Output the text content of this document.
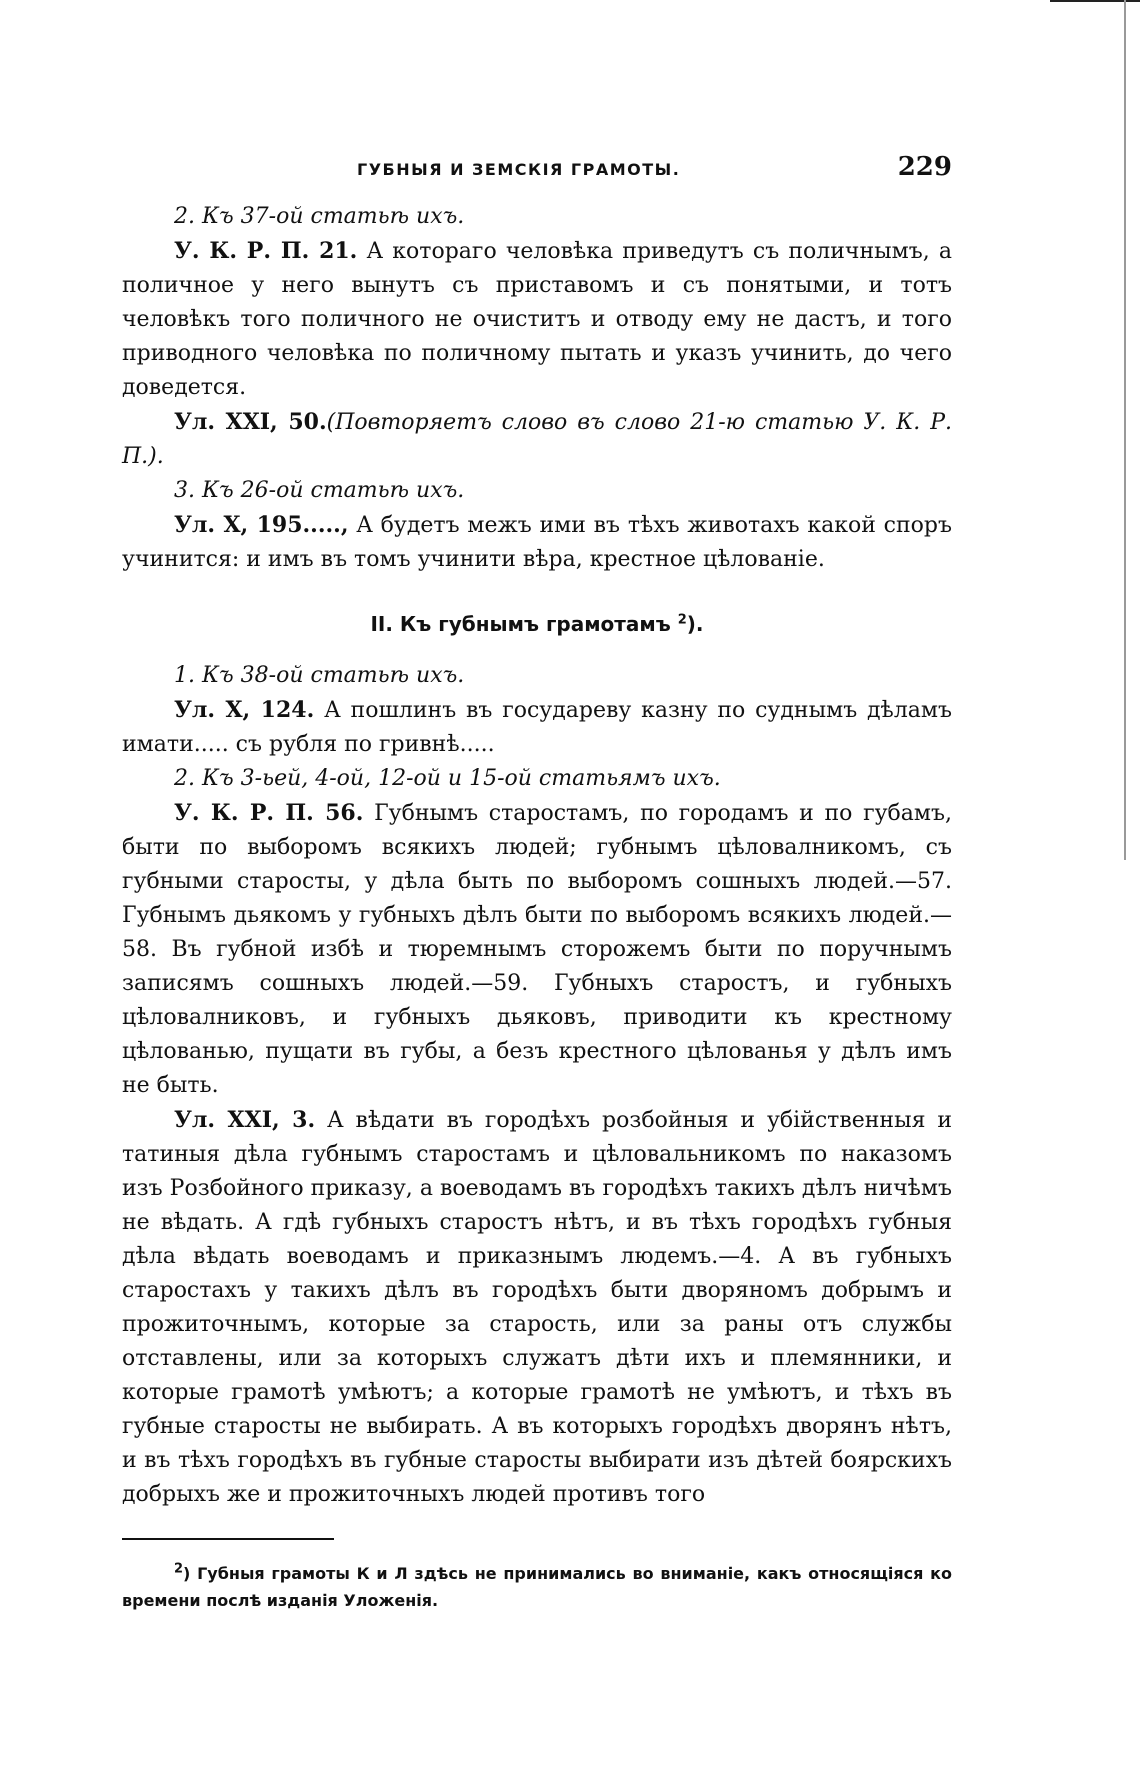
ГУБНЫЯ И ЗЕМСКІЯ ГРАМОТЫ.	229

2. Къ 37-ой статьѣ ихъ.

У. К. Р. П. 21. А котораго человѣка приведутъ съ поличнымъ, а поличное у него вынутъ съ приставомъ и съ понятыми, и тотъ человѣкъ того поличного не очиститъ и отводу ему не дастъ, и того приводного человѣка по поличному пытать и указъ учинить, до чего доведется.

Ул. XXI, 50.(Повторяетъ слово въ слово 21-ю статью У. К. Р. П.).

3. Къ 26-ой статьѣ ихъ.

Ул. Х, 195....., А будетъ межъ ими въ тѣхъ животахъ какой споръ учинится: и имъ въ томъ учинити вѣра, крестное цѣлованіе.

II. Къ губнымъ грамотамъ $^2$).

1. Къ 38-ой статьѣ ихъ.

Ул. Х, 124. А пошлинъ въ государеву казну по суднымъ дѣламъ имати..... съ рубля по гривнѣ.....

2. Къ 3-ьей, 4-ой, 12-ой и 15-ой статьямъ ихъ.

У. К. Р. П. 56. Губнымъ старостамъ, по городамъ и по губамъ, быти по выборомъ всякихъ людей; губнымъ цѣловалникомъ, съ губными старосты, у дѣла быть по выборомъ сошныхъ людей.—57. Губнымъ дьякомъ у губныхъ дѣлъ быти по выборомъ всякихъ людей.—58. Въ губной избѣ и тюремнымъ сторожемъ быти по поручнымъ записямъ сошныхъ людей.—59. Губныхъ старостъ, и губныхъ цѣловалниковъ, и губныхъ дьяковъ, приводити къ крестному цѣлованью, пущати въ губы, а безъ крестного цѣлованья у дѣлъ имъ не быть.

Ул. XXI, 3. А вѣдати въ городѣхъ розбойныя и убійственныя и татиныя дѣла губнымъ старостамъ и цѣловальникомъ по наказомъ изъ Розбойного приказу, а воеводамъ въ городѣхъ такихъ дѣлъ ничѣмъ не вѣдать. А гдѣ губныхъ старостъ нѣтъ, и въ тѣхъ городѣхъ губныя дѣла вѣдать воеводамъ и приказнымъ людемъ.—4. А въ губныхъ старостахъ у такихъ дѣлъ въ городѣхъ быти дворяномъ добрымъ и прожиточнымъ, которые за старость, или за раны отъ службы отставлены, или за которыхъ служатъ дѣти ихъ и племянники, и которые грамотѣ умѣютъ; а которые грамотѣ не умѣютъ, и тѣхъ въ губные старосты не выбирать. А въ которыхъ городѣхъ дворянъ нѣтъ, и въ тѣхъ городѣхъ въ губные старосты выбирати изъ дѣтей боярскихъ добрыхъ же и прожиточныхъ людей противъ того

$^2$) Губныя грамоты К и Л здѣсь не принимались во вниманіе, какъ относящіяся ко времени послѣ изданія Уложенія.
